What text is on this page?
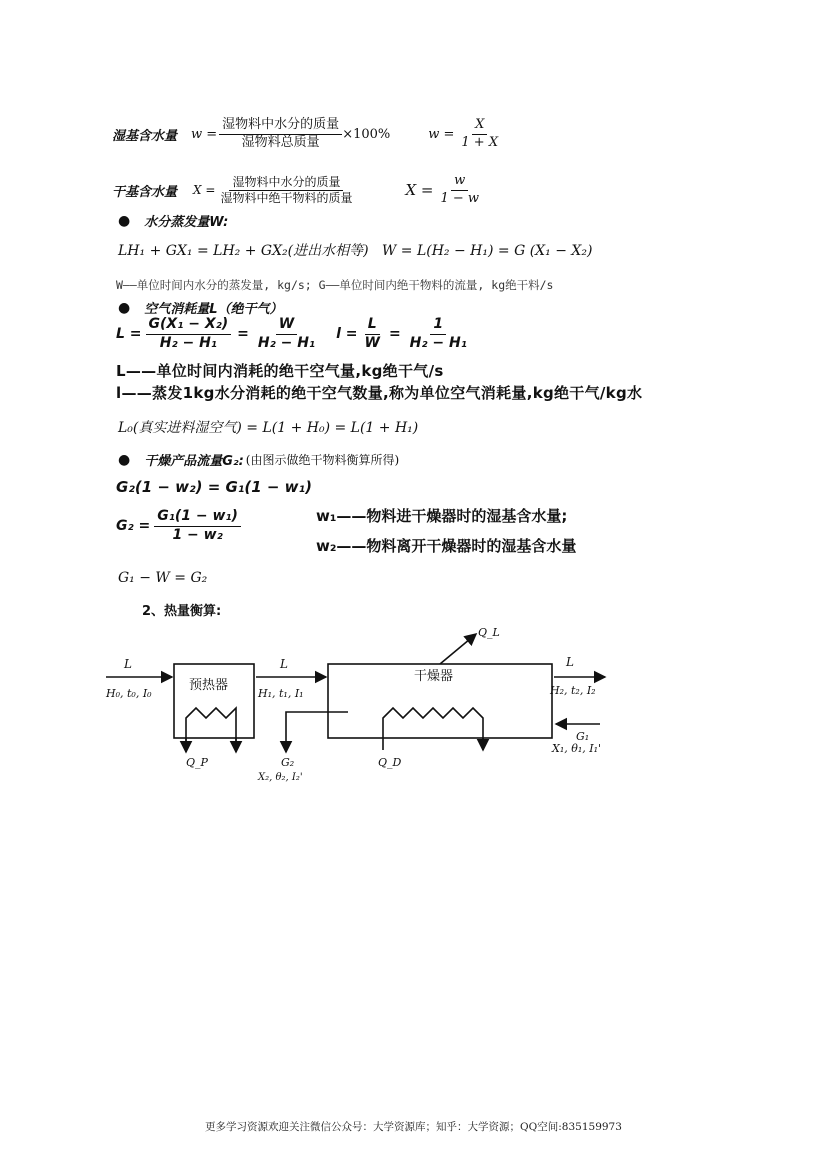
湿基含水量 $w = \frac{\text{湿物料中水分的质量}}{\text{湿物料总质量}} \times 100\%$	$w = \frac{X}{1 + X}$
干基含水量 $X = \frac{\text{湿物料中水分的质量}}{\text{湿物料中绝干物料的质量}}$	$X = \frac{w}{1 - w}$
● 水分蒸发量W:
LH₁ + GX₁ = LH₂ + GX₂(进出水相等)   W = L(H₂ − H₁) = G (X₁ − X₂)
W——单位时间内水分的蒸发量, kg/s; G——单位时间内绝干物料的流量, kg绝干料/s
● 空气消耗量L（绝干气）
$L = \frac{\text{G(X₁ − X₂)}}{\text{H₂ − H₁}} = \frac{W}{\text{H₂ − H₁}}$ $l = \frac{L}{W} = \frac{1}{\text{H₂ − H₁}}$
L——单位时间内消耗的绝干空气量,kg绝干气/s
l——蒸发1kg水分消耗的绝干空气数量,称为单位空气消耗量,kg绝干气/kg水
L₀(真实进料湿空气) = L(1 + H₀) = L(1 + H₁)
● 干燥产品流量G₂: (由图示做绝干物料衡算所得)
G₂(1 − w₂) = G₁(1 − w₁)
$G_2 = \frac{\text{G₁(1 − w₁)}}{\text{1 − w₂}}$	w₁——物料进干燥器时的湿基含水量;
w₂——物料离开干燥器时的湿基含水量
G₁ − W = G₂
2、热量衡算:
预热器
干燥器
L
H₀, t₀, I₀
L
H₁, t₁, I₁
L
H₂, t₂, I₂
Q_L
Q_P	Q_D
G₁
X₁, θ₁, I₁'
G₂
X₂, θ₂, I₂'
更多学习资源欢迎关注微信公众号：大学资源库；知乎：大学资源；QQ空间:835159973
